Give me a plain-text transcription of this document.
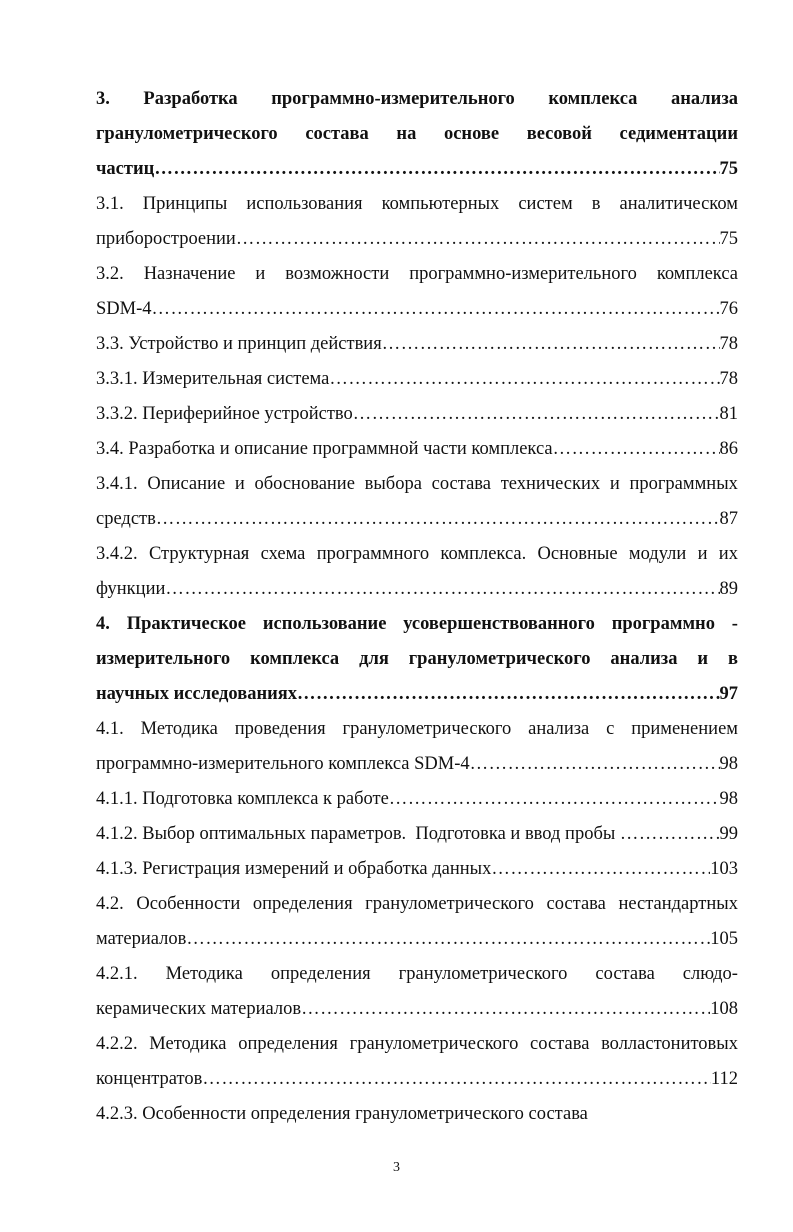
3. Разработка программно-измерительного комплекса анализа
гранулометрического состава на основе весовой седиментации
частиц …………………………………………………………………………………………………………………………………………………………………………………………	75
3.1. Принципы использования компьютерных систем в аналитическом
приборостроении …………………………………………………………………………………………………………………………………………………………………………………………	75
3.2. Назначение и возможности программно-измерительного комплекса
SDM-4 …………………………………………………………………………………………………………………………………………………………………………………………	76
3.3. Устройство и принцип действия …………………………………………………………………………………………………………………………………………………………………………………………	78
3.3.1. Измерительная система …………………………………………………………………………………………………………………………………………………………………………………………	78
3.3.2. Периферийное устройство …………………………………………………………………………………………………………………………………………………………………………………………	81
3.4. Разработка и описание программной части комплекса …………………………………………………………………………………………………………………………………………………………………………………………	86
3.4.1. Описание и обоснование выбора состава технических и программных
средств …………………………………………………………………………………………………………………………………………………………………………………………	87
3.4.2. Структурная схема программного комплекса. Основные модули и их
функции …………………………………………………………………………………………………………………………………………………………………………………………	89
4. Практическое использование усовершенствованного программно -
измерительного комплекса для гранулометрического анализа и в
научных исследованиях …………………………………………………………………………………………………………………………………………………………………………………………	97
4.1. Методика проведения гранулометрического анализа с применением
программно-измерительного комплекса SDM-4 …………………………………………………………………………………………………………………………………………………………………………………………	98
4.1.1. Подготовка комплекса к работе …………………………………………………………………………………………………………………………………………………………………………………………	98
4.1.2. Выбор оптимальных параметров.  Подготовка и ввод пробы …………………………………………………………………………………………………………………………………………………………………………………………	99
4.1.3. Регистрация измерений и обработка данных …………………………………………………………………………………………………………………………………………………………………………………………	103
4.2. Особенности определения гранулометрического состава нестандартных
материалов …………………………………………………………………………………………………………………………………………………………………………………………	105
4.2.1. Методика определения гранулометрического состава слюдо-
керамических материалов …………………………………………………………………………………………………………………………………………………………………………………………	108
4.2.2. Методика определения гранулометрического состава волластонитовых
концентратов …………………………………………………………………………………………………………………………………………………………………………………………	112
4.2.3. Особенности определения гранулометрического состава
3
